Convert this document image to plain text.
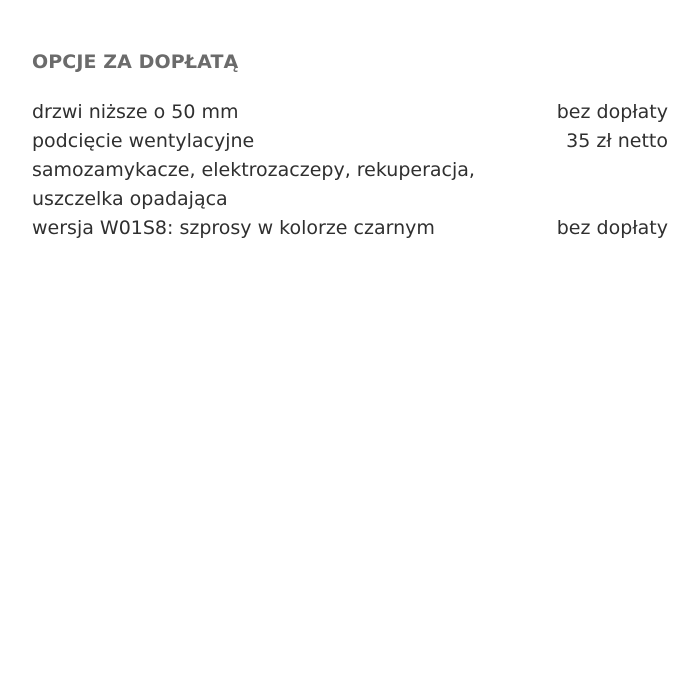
OPCJE ZA DOPŁATĄ
drzwi niższe o 50 mm	bez dopłaty
podcięcie wentylacyjne	35 zł netto
samozamykacze, elektrozaczepy, rekuperacja, uszczelka opadająca
wersja W01S8: szprosy w kolorze czarnym	bez dopłaty
